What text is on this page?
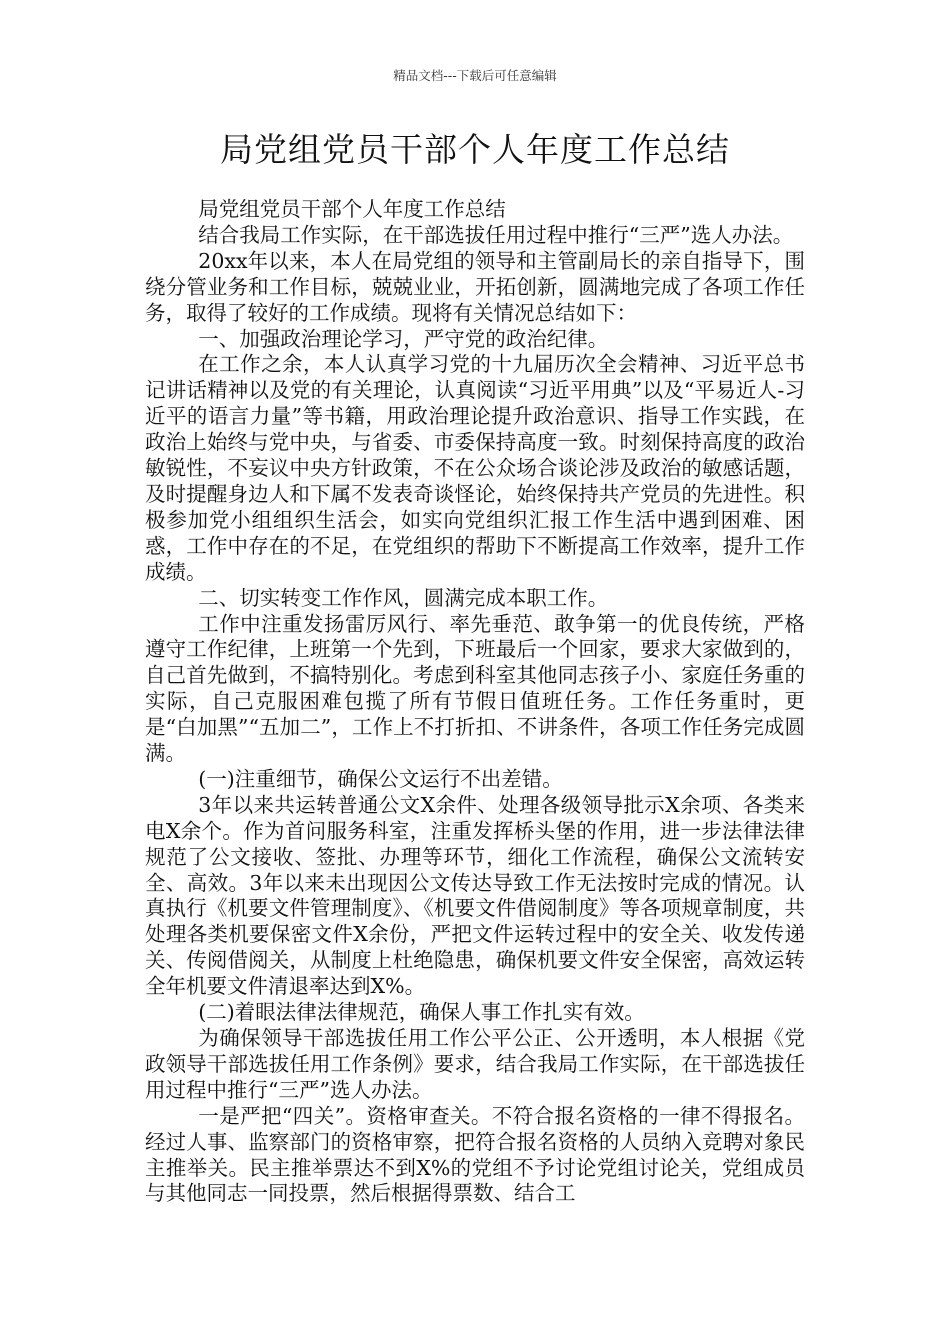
精品文档---下载后可任意编辑
局党组党员干部个人年度工作总结

局党组党员干部个人年度工作总结

结合我局工作实际，在干部选拔任用过程中推行“三严”选人办法。

20xx年以来，本人在局党组的领导和主管副局长的亲自指导下，围绕分管业务和工作目标，兢兢业业，开拓创新，圆满地完成了各项工作任务，取得了较好的工作成绩。现将有关情况总结如下：

一、加强政治理论学习，严守党的政治纪律。

在工作之余，本人认真学习党的十九届历次全会精神、习近平总书记讲话精神以及党的有关理论，认真阅读“习近平用典”以及“平易近人-习近平的语言力量”等书籍，用政治理论提升政治意识、指导工作实践，在政治上始终与党中央，与省委、市委保持高度一致。时刻保持高度的政治敏锐性，不妄议中央方针政策，不在公众场合谈论涉及政治的敏感话题，及时提醒身边人和下属不发表奇谈怪论，始终保持共产党员的先进性。积极参加党小组组织生活会，如实向党组织汇报工作生活中遇到困难、困惑，工作中存在的不足，在党组织的帮助下不断提高工作效率，提升工作成绩。

二、切实转变工作作风，圆满完成本职工作。

工作中注重发扬雷厉风行、率先垂范、敢争第一的优良传统，严格遵守工作纪律，上班第一个先到，下班最后一个回家，要求大家做到的，自己首先做到，不搞特别化。考虑到科室其他同志孩子小、家庭任务重的实际，自己克服困难包揽了所有节假日值班任务。工作任务重时，更是“白加黑”“五加二”，工作上不打折扣、不讲条件，各项工作任务完成圆满。

(一)注重细节，确保公文运行不出差错。

3年以来共运转普通公文X余件、处理各级领导批示X余项、各类来电X余个。作为首问服务科室，注重发挥桥头堡的作用，进一步法律法律规范了公文接收、签批、办理等环节，细化工作流程，确保公文流转安全、高效。3年以来未出现因公文传达导致工作无法按时完成的情况。认真执行《机要文件管理制度》、《机要文件借阅制度》等各项规章制度，共处理各类机要保密文件X余份，严把文件运转过程中的安全关、收发传递关、传阅借阅关，从制度上杜绝隐患，确保机要文件安全保密，高效运转全年机要文件清退率达到X%。

(二)着眼法律法律规范，确保人事工作扎实有效。

为确保领导干部选拔任用工作公平公正、公开透明，本人根据《党政领导干部选拔任用工作条例》要求，结合我局工作实际，在干部选拔任用过程中推行“三严”选人办法。

一是严把“四关”。资格审查关。不符合报名资格的一律不得报名。经过人事、监察部门的资格审察，把符合报名资格的人员纳入竞聘对象民主推举关。民主推举票达不到X%的党组不予讨论党组讨论关，党组成员与其他同志一同投票，然后根据得票数、结合工
